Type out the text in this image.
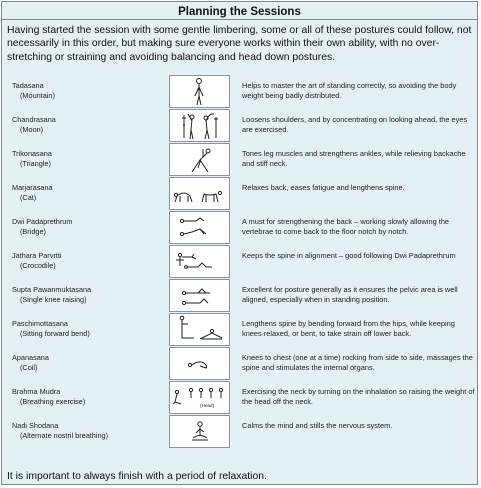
Planning the Sessions

Having started the session with some gentle limbering, some or all of these postures could follow, not necessarily in this order, but making sure everyone works within their own ability, with no over-stretching or straining and avoiding balancing and head down postures.

Tadasana
(Mountain)
Helps to master the art of standing correctly, so avoiding the body weight being badly distributed.
Chandrasana
(Moon)
Loosens shoulders, and by concentrating on looking ahead, the eyes are exercised.
Trikonasana
(Triangle)
Tones leg muscles and strengthens ankles, while relieving backache and stiff neck.
Marjarasana
(Cat)
Relaxes back, eases fatigue and lengthens spine.
Dwi Padaprethrum
(Bridge)
A must for strengthening the back – working slowly allowing the vertebrae to come back to the floor notch by notch.
Jathara Parvrtti
(Crocodile)
Keeps the spine in alignment – good following Dwi Padaprethrum
Supta Pawanmuktasana
(Single knee raising)
Excellent for posture generally as it ensures the pelvic area is well aligned, especially when in standing position.
Paschimottasana
(Sitting forward bend)
Lengthens spine by bending forward from the hips, while keeping knees relaxed, or bent, to take strain off lower back.
Apanasana
(Coil)
Knees to chest (one at a time) rocking from side to side, massages the spine and stimulates the internal organs.
Brahma Mudra
(Breathing exercise)	(Head)
Exercising the neck by turning on the inhalation so raising the weight of the head off the neck.
Nadi Shodana
(Alternate nostril breathing)
Calms the mind and stills the nervous system.
It is important to always finish with a period of relaxation.
